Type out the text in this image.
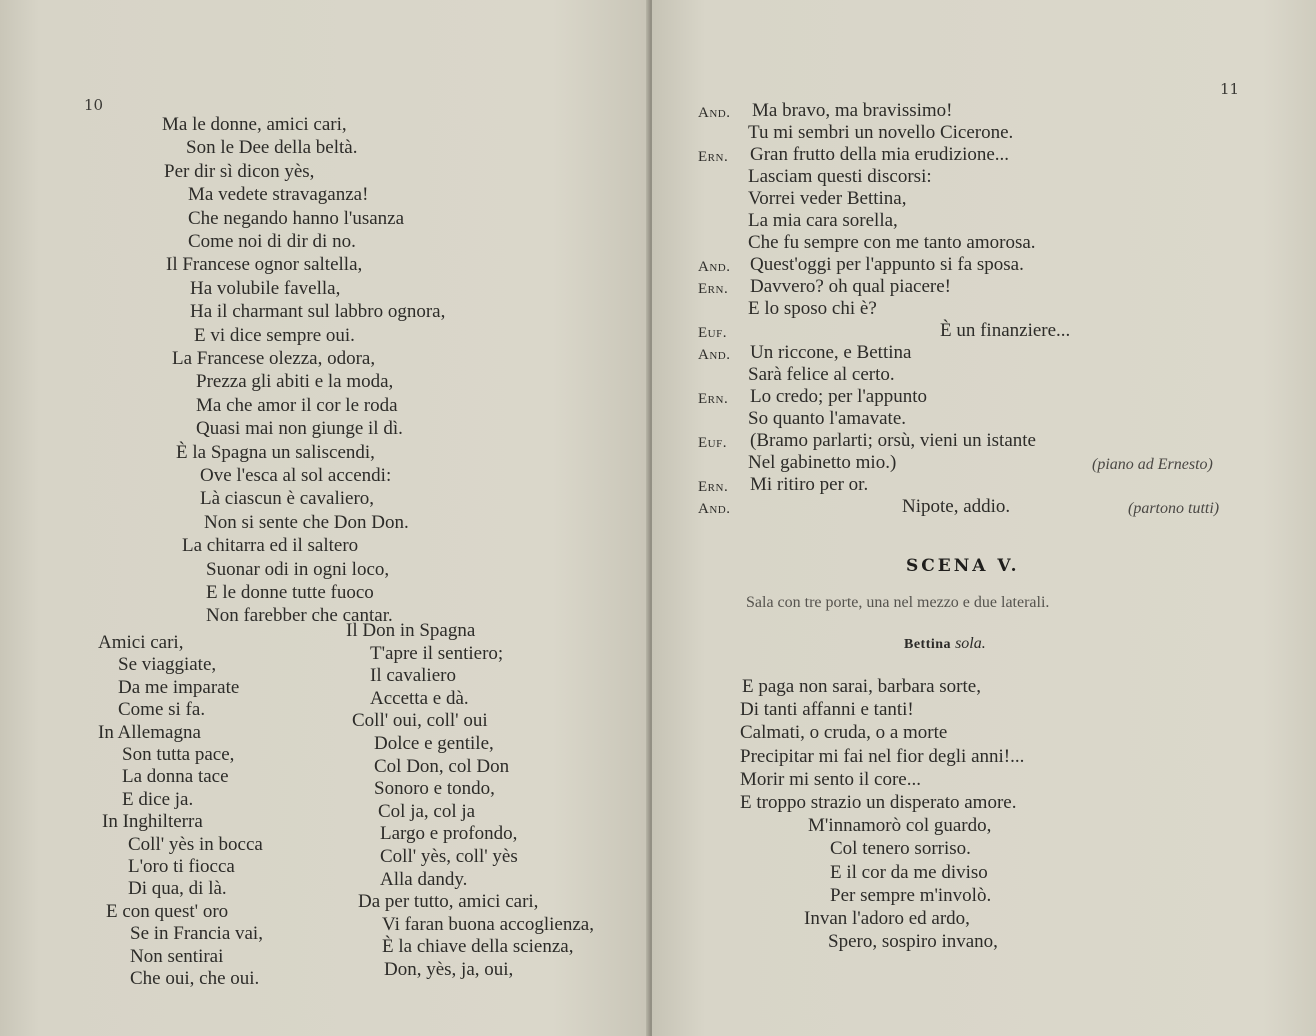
10
Ma le donne, amici cari,
Son le Dee della beltà.
Per dir sì dicon yès,
Ma vedete stravaganza!
Che negando hanno l'usanza
Come noi di dir di no.
Il Francese ognor saltella,
Ha volubile favella,
Ha il charmant sul labbro ognora,
E vi dice sempre oui.
La Francese olezza, odora,
Prezza gli abiti e la moda,
Ma che amor il cor le roda
Quasi mai non giunge il dì.
È la Spagna un saliscendi,
Ove l'esca al sol accendi:
Là ciascun è cavaliero,
Non si sente che Don Don.
La chitarra ed il saltero
Suonar odi in ogni loco,
E le donne tutte fuoco
Non farebber che cantar.
Amici cari,
Se viaggiate,
Da me imparate
Come si fa.
In Allemagna
Son tutta pace,
La donna tace
E dice ja.
In Inghilterra
Coll' yès in bocca
L'oro ti fiocca
Di qua, di là.
E con quest' oro
Se in Francia vai,
Non sentirai
Che oui, che oui.
Il Don in Spagna
T'apre il sentiero;
Il cavaliero
Accetta e dà.
Coll' oui, coll' oui
Dolce e gentile,
Col Don, col Don
Sonoro e tondo,
Col ja, col ja
Largo e profondo,
Coll' yès, coll' yès
Alla dandy.
Da per tutto, amici cari,
Vi faran buona accoglienza,
È la chiave della scienza,
Don, yès, ja, oui,
11
And. Ma bravo, ma bravissimo!
Tu mi sembri un novello Cicerone.
Ern. Gran frutto della mia erudizione...
Lasciam questi discorsi:
Vorrei veder Bettina,
La mia cara sorella,
Che fu sempre con me tanto amorosa.
And. Quest'oggi per l'appunto si fa sposa.
Ern. Davvero? oh qual piacere!
E lo sposo chi è?
Euf.	È un finanziere...
And. Un riccone, e Bettina
Sarà felice al certo.
Ern. Lo credo; per l'appunto
So quanto l'amavate.
Euf. (Bramo parlarti; orsù, vieni un istante
Nel gabinetto mio.)	(piano ad Ernesto)
Ern. Mi ritiro per or.
And.	Nipote, addio.	(partono tutti)
SCENA V.
Sala con tre porte, una nel mezzo e due laterali.
Bettina sola.
E paga non sarai, barbara sorte,
Di tanti affanni e tanti!
Calmati, o cruda, o a morte
Precipitar mi fai nel fior degli anni!...
Morir mi sento il core...
E troppo strazio un disperato amore.
M'innamorò col guardo,
Col tenero sorriso.
E il cor da me diviso
Per sempre m'involò.
Invan l'adoro ed ardo,
Spero, sospiro invano,
